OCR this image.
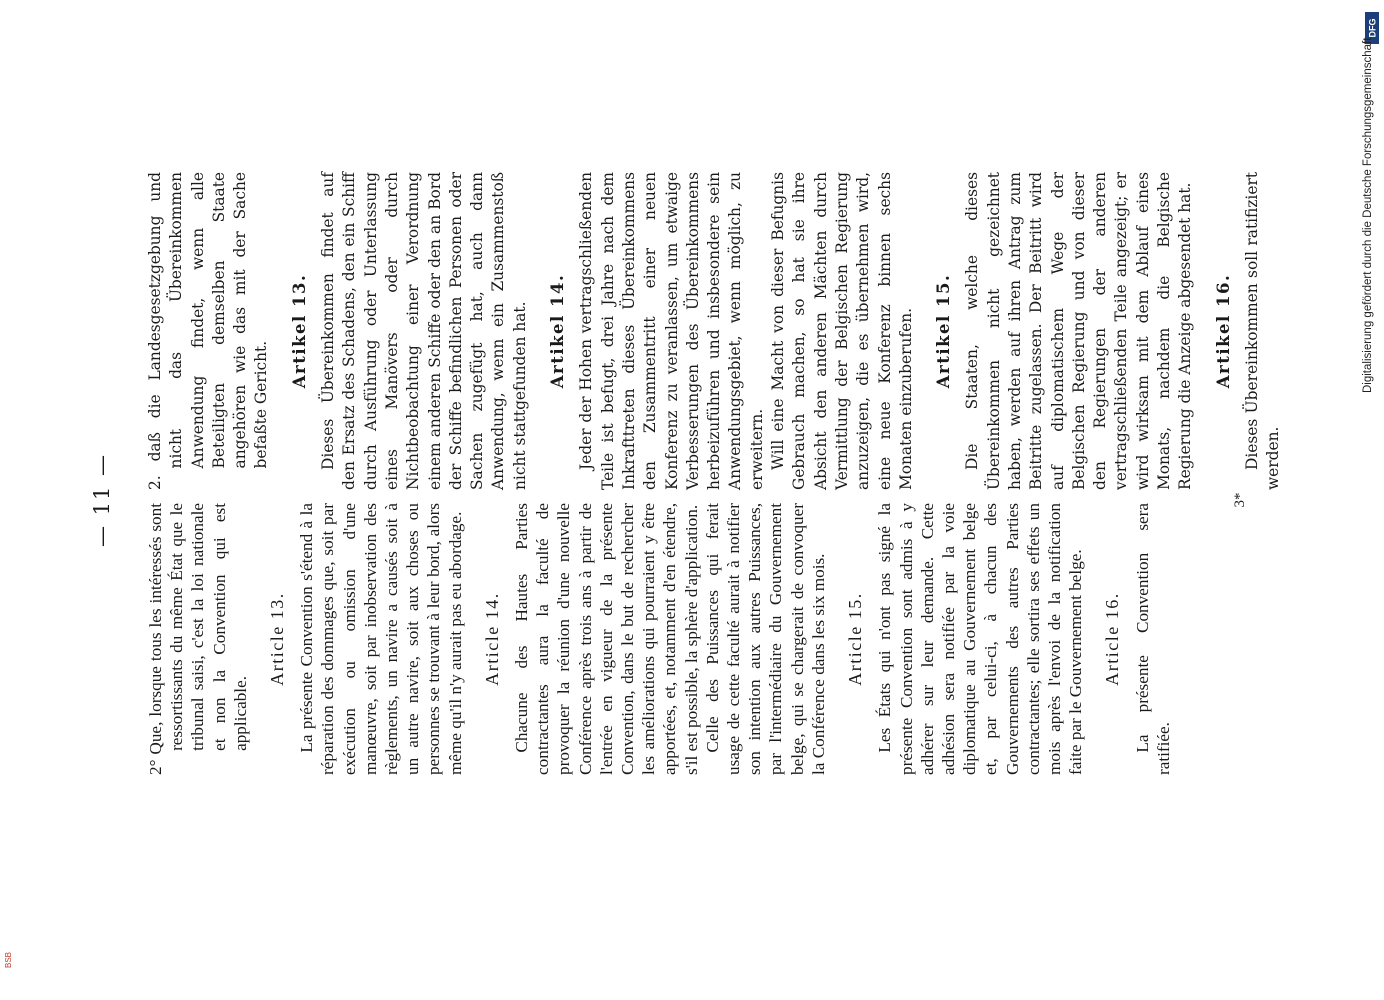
— 11 —

2° Que, lorsque tous les intéressés sont ressortissants du même État que le tribunal saisi, c'est la loi nationale et non la Convention qui est applicable.

Article 13. La présente Convention s'étend à la réparation des dommages que, soit par exécution ou omission d'une manœuvre, soit par inobservation des règlements, un navire a causés soit à un autre navire, soit aux choses ou personnes se trouvant à leur bord, alors même qu'il n'y aurait pas eu abordage. Article 14. Chacune des Hautes Parties contractantes aura la faculté de provoquer la réunion d'une nouvelle Conférence après trois ans à partir de l'entrée en vigueur de la présente Convention, dans le but de rechercher les améliorations qui pourraient y être apportées, et, notamment d'en étendre, s'il est possible, la sphère d'application. Celle des Puissances qui ferait usage de cette faculté aurait à notifier son intention aux autres Puissances, par l'intermédiaire du Gouvernement belge, qui se chargerait de convoquer la Conférence dans les six mois. Article 15. Les États qui n'ont pas signé la présente Convention sont admis à y adhérer sur leur demande. Cette adhésion sera notifiée par la voie diplomatique au Gouvernement belge et, par celui-ci, à chacun des Gouvernements des autres Parties contractantes; elle sortira ses effets un mois après l'envoi de la notification faite par le Gouvernement belge. Article 16. La présente Convention sera ratifiée.

2. daß die Landesgesetzgebung und nicht das Übereinkommen Anwendung findet, wenn alle Beteiligten demselben Staate angehören wie das mit der Sache befaßte Gericht.

Artikel 13. Dieses Übereinkommen findet auf den Ersatz des Schadens, den ein Schiff durch Ausführung oder Unterlassung eines Manövers oder durch Nichtbeobachtung einer Verordnung einem anderen Schiffe oder den an Bord der Schiffe befindlichen Personen oder Sachen zugefügt hat, auch dann Anwendung, wenn ein Zusammenstoß nicht stattgefunden hat. Artikel 14. Jeder der Hohen vertragschließenden Teile ist befugt, drei Jahre nach dem Inkrafttreten dieses Übereinkommens den Zusammentritt einer neuen Konferenz zu veranlassen, um etwaige Verbesserungen des Übereinkommens herbeizuführen und insbesondere sein Anwendungsgebiet, wenn möglich, zu erweitern. Will eine Macht von dieser Befugnis Gebrauch machen, so hat sie ihre Absicht den anderen Mächten durch Vermittlung der Belgischen Regierung anzuzeigen, die es übernehmen wird, eine neue Konferenz binnen sechs Monaten einzuberufen. Artikel 15. Die Staaten, welche dieses Übereinkommen nicht gezeichnet haben, werden auf ihren Antrag zum Beitritte zugelassen. Der Beitritt wird auf diplomatischem Wege der Belgischen Regierung und von dieser den Regierungen der anderen vertragschließenden Teile angezeigt; er wird wirksam mit dem Ablauf eines Monats, nachdem die Belgische Regierung die Anzeige abgesendet hat. Artikel 16. Dieses Übereinkommen soll ratifiziert werden.

3*
DFG
Digitalisierung gefördert durch die Deutsche Forschungsgemeinschaft
BSB
